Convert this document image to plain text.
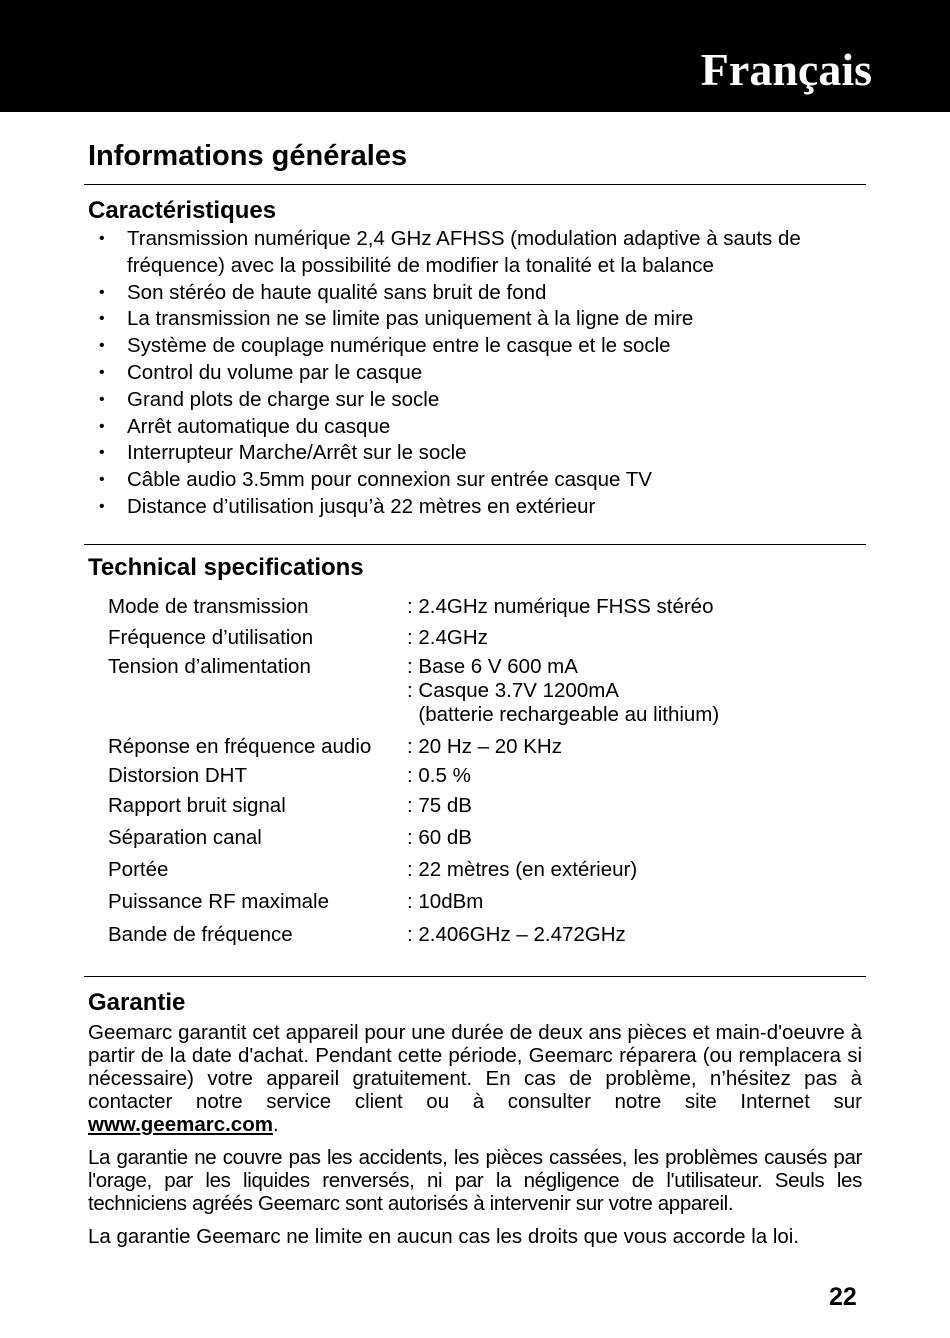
Français
Informations générales
Caractéristiques
• Transmission numérique 2,4 GHz AFHSS (modulation adaptive à sauts de fréquence) avec la possibilité de modifier la tonalité et la balance
• Son stéréo de haute qualité sans bruit de fond
• La transmission ne se limite pas uniquement à la ligne de mire
• Système de couplage numérique entre le casque et le socle
• Control du volume par le casque
• Grand plots de charge sur le socle
• Arrêt automatique du casque
• Interrupteur Marche/Arrêt sur le socle
• Câble audio 3.5mm pour connexion sur entrée casque TV
• Distance d’utilisation jusqu’à 22 mètres en extérieur
Technical specifications
Mode de transmission	: 2.4GHz numérique FHSS stéréo
Fréquence d’utilisation	: 2.4GHz
Tension d’alimentation	: Base 6 V 600 mA
: Casque 3.7V 1200mA
(batterie rechargeable au lithium)
Réponse en fréquence audio : 20 Hz – 20 KHz
Distorsion DHT	: 0.5 %
Rapport bruit signal	: 75 dB
Séparation canal	: 60 dB
Portée	: 22 mètres (en extérieur)
Puissance RF maximale	: 10dBm
Bande de fréquence	: 2.406GHz – 2.472GHz
Garantie
Geemarc garantit cet appareil pour une durée de deux ans pièces et main-d'oeuvre à partir de la date d'achat. Pendant cette période, Geemarc réparera (ou remplacera si nécessaire) votre appareil gratuitement. En cas de problème, n’hésitez pas à contacter notre service client ou à consulter notre site Internet sur www.geemarc.com.
La garantie ne couvre pas les accidents, les pièces cassées, les problèmes causés par l'orage, par les liquides renversés, ni par la négligence de l'utilisateur. Seuls les techniciens agréés Geemarc sont autorisés à intervenir sur votre appareil.
La garantie Geemarc ne limite en aucun cas les droits que vous accorde la loi.
22
